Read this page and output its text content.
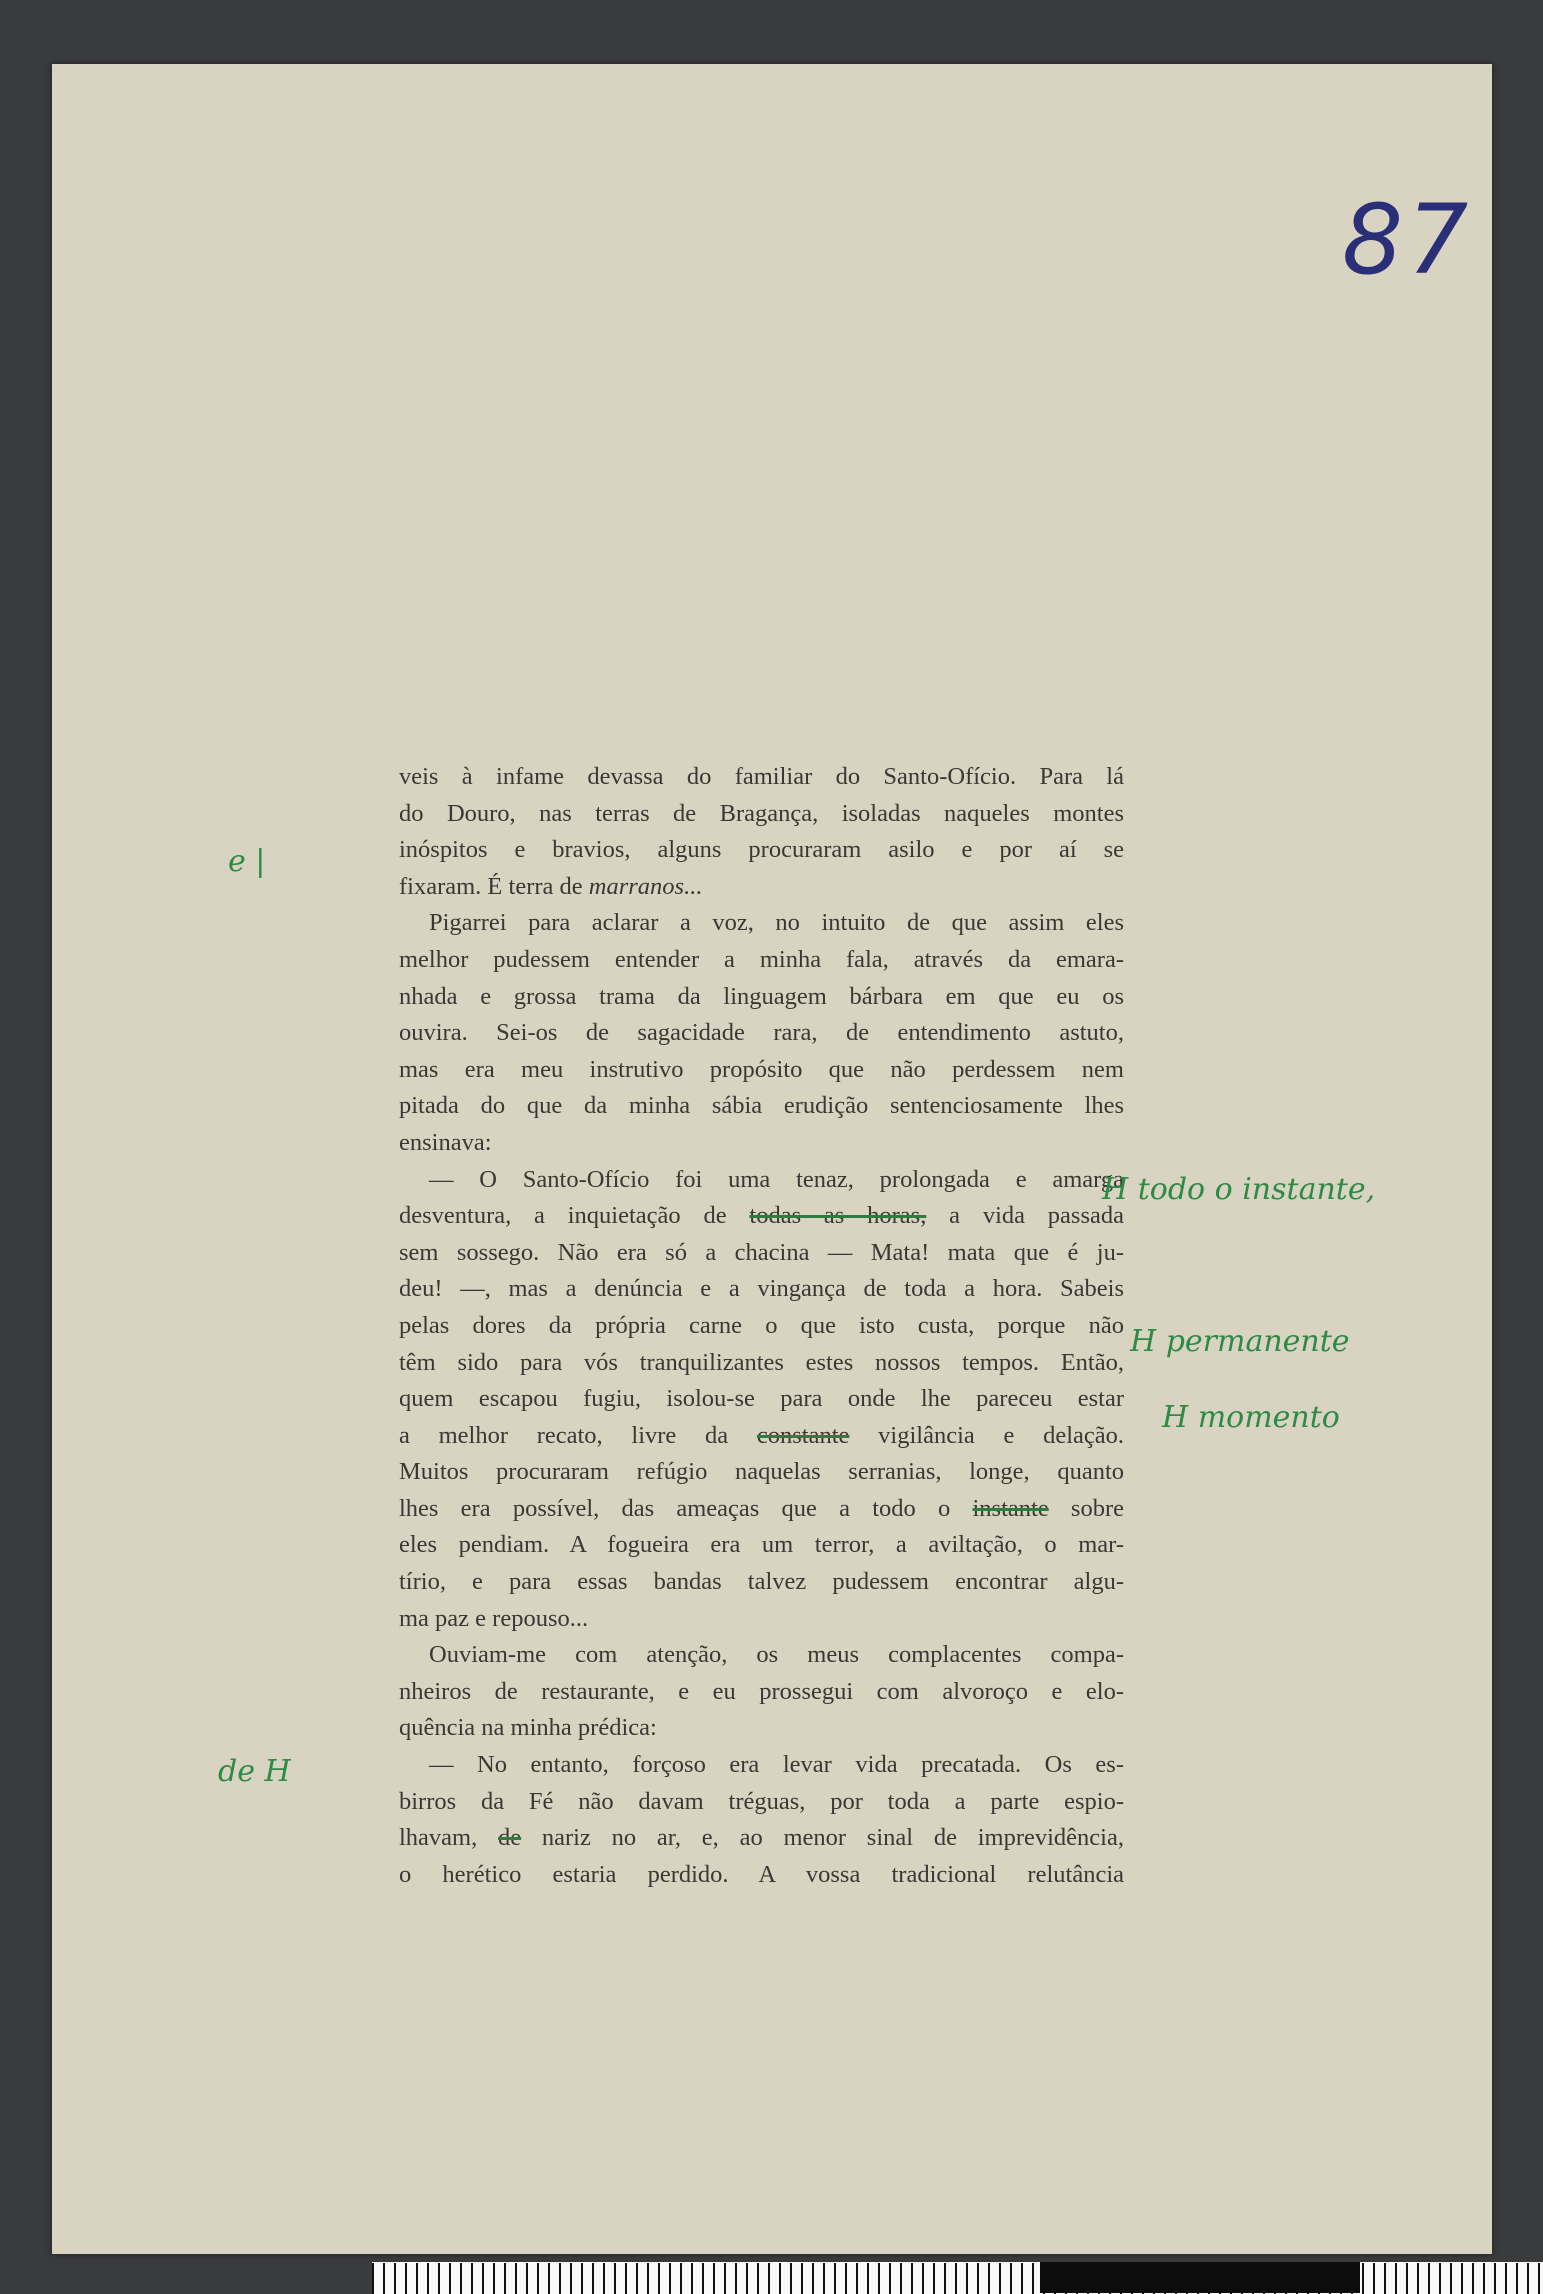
87
veis à infame devassa do familiar do Santo-Ofício. Para lá
do Douro, nas terras de Bragança, isoladas naqueles montes
inóspitos e bravios, alguns procuraram asilo e por aí se
fixaram. É terra de marranos...
Pigarrei para aclarar a voz, no intuito de que assim eles
melhor pudessem entender a minha fala, através da emara-
nhada e grossa trama da linguagem bárbara em que eu os
ouvira. Sei-os de sagacidade rara, de entendimento astuto,
mas era meu instrutivo propósito que não perdessem nem
pitada do que da minha sábia erudição sentenciosamente lhes
ensinava:
— O Santo-Ofício foi uma tenaz, prolongada e amarga
desventura, a inquietação de todas as horas, a vida passada
sem sossego. Não era só a chacina — Mata! mata que é ju-
deu! —, mas a denúncia e a vingança de toda a hora. Sabeis
pelas dores da própria carne o que isto custa, porque não
têm sido para vós tranquilizantes estes nossos tempos. Então,
quem escapou fugiu, isolou-se para onde lhe pareceu estar
a melhor recato, livre da constante vigilância e delação.
Muitos procuraram refúgio naquelas serranias, longe, quanto
lhes era possível, das ameaças que a todo o instante sobre
eles pendiam. A fogueira era um terror, a aviltação, o mar-
tírio, e para essas bandas talvez pudessem encontrar algu-
ma paz e repouso...
Ouviam-me com atenção, os meus complacentes compa-
nheiros de restaurante, e eu prossegui com alvoroço e elo-
quência na minha prédica:
— No entanto, forçoso era levar vida precatada. Os es-
birros da Fé não davam tréguas, por toda a parte espio-
lhavam, de nariz no ar, e, ao menor sinal de imprevidência,
o herético estaria perdido. A vossa tradicional relutância
e |
H todo o instante,
H permanente
H momento
de H
